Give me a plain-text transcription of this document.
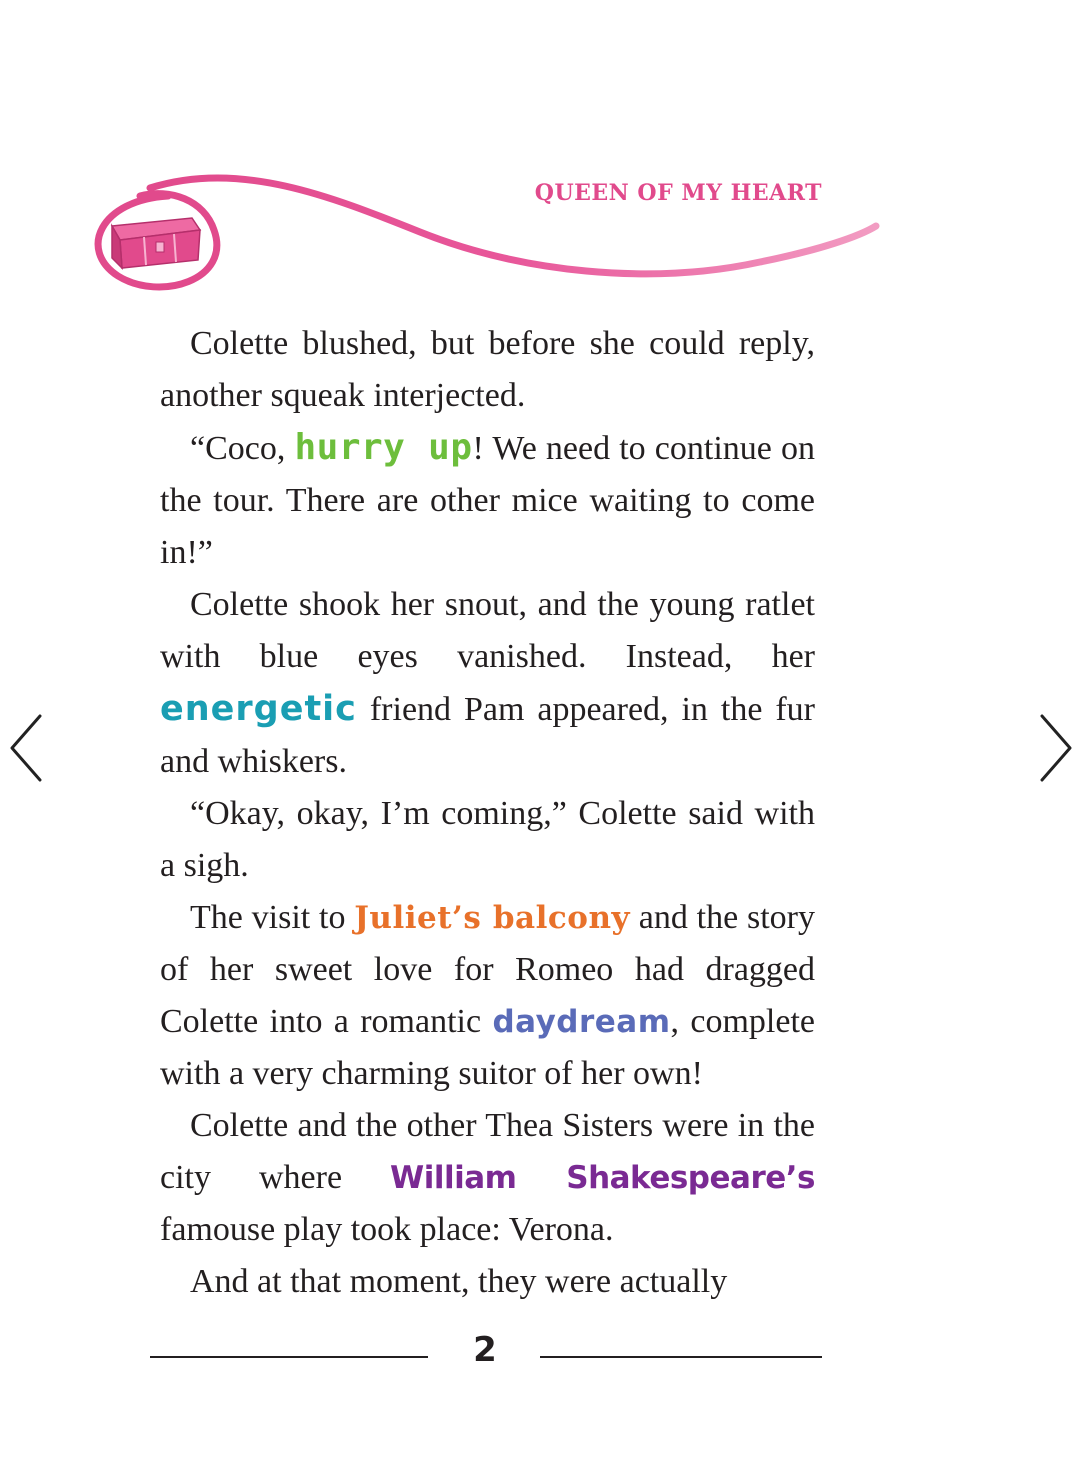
QUEEN OF MY HEART

Colette blushed, but before she could reply, another squeak interjected.

“Coco, hurry up! We need to continue on the tour. There are other mice waiting to come in!”

Colette shook her snout, and the young ratlet with blue eyes vanished. Instead, her energetic friend Pam appeared, in the fur and whiskers.

“Okay, okay, I’m coming,” Colette said with a sigh.

The visit to Juliet’s balcony and the story of her sweet love for Romeo had dragged Colette into a romantic daydream, complete with a very charming suitor of her own!

Colette and the other Thea Sisters were in the city where William Shakespeare’s famouse play took place: Verona.

And at that moment, they were actually

2
